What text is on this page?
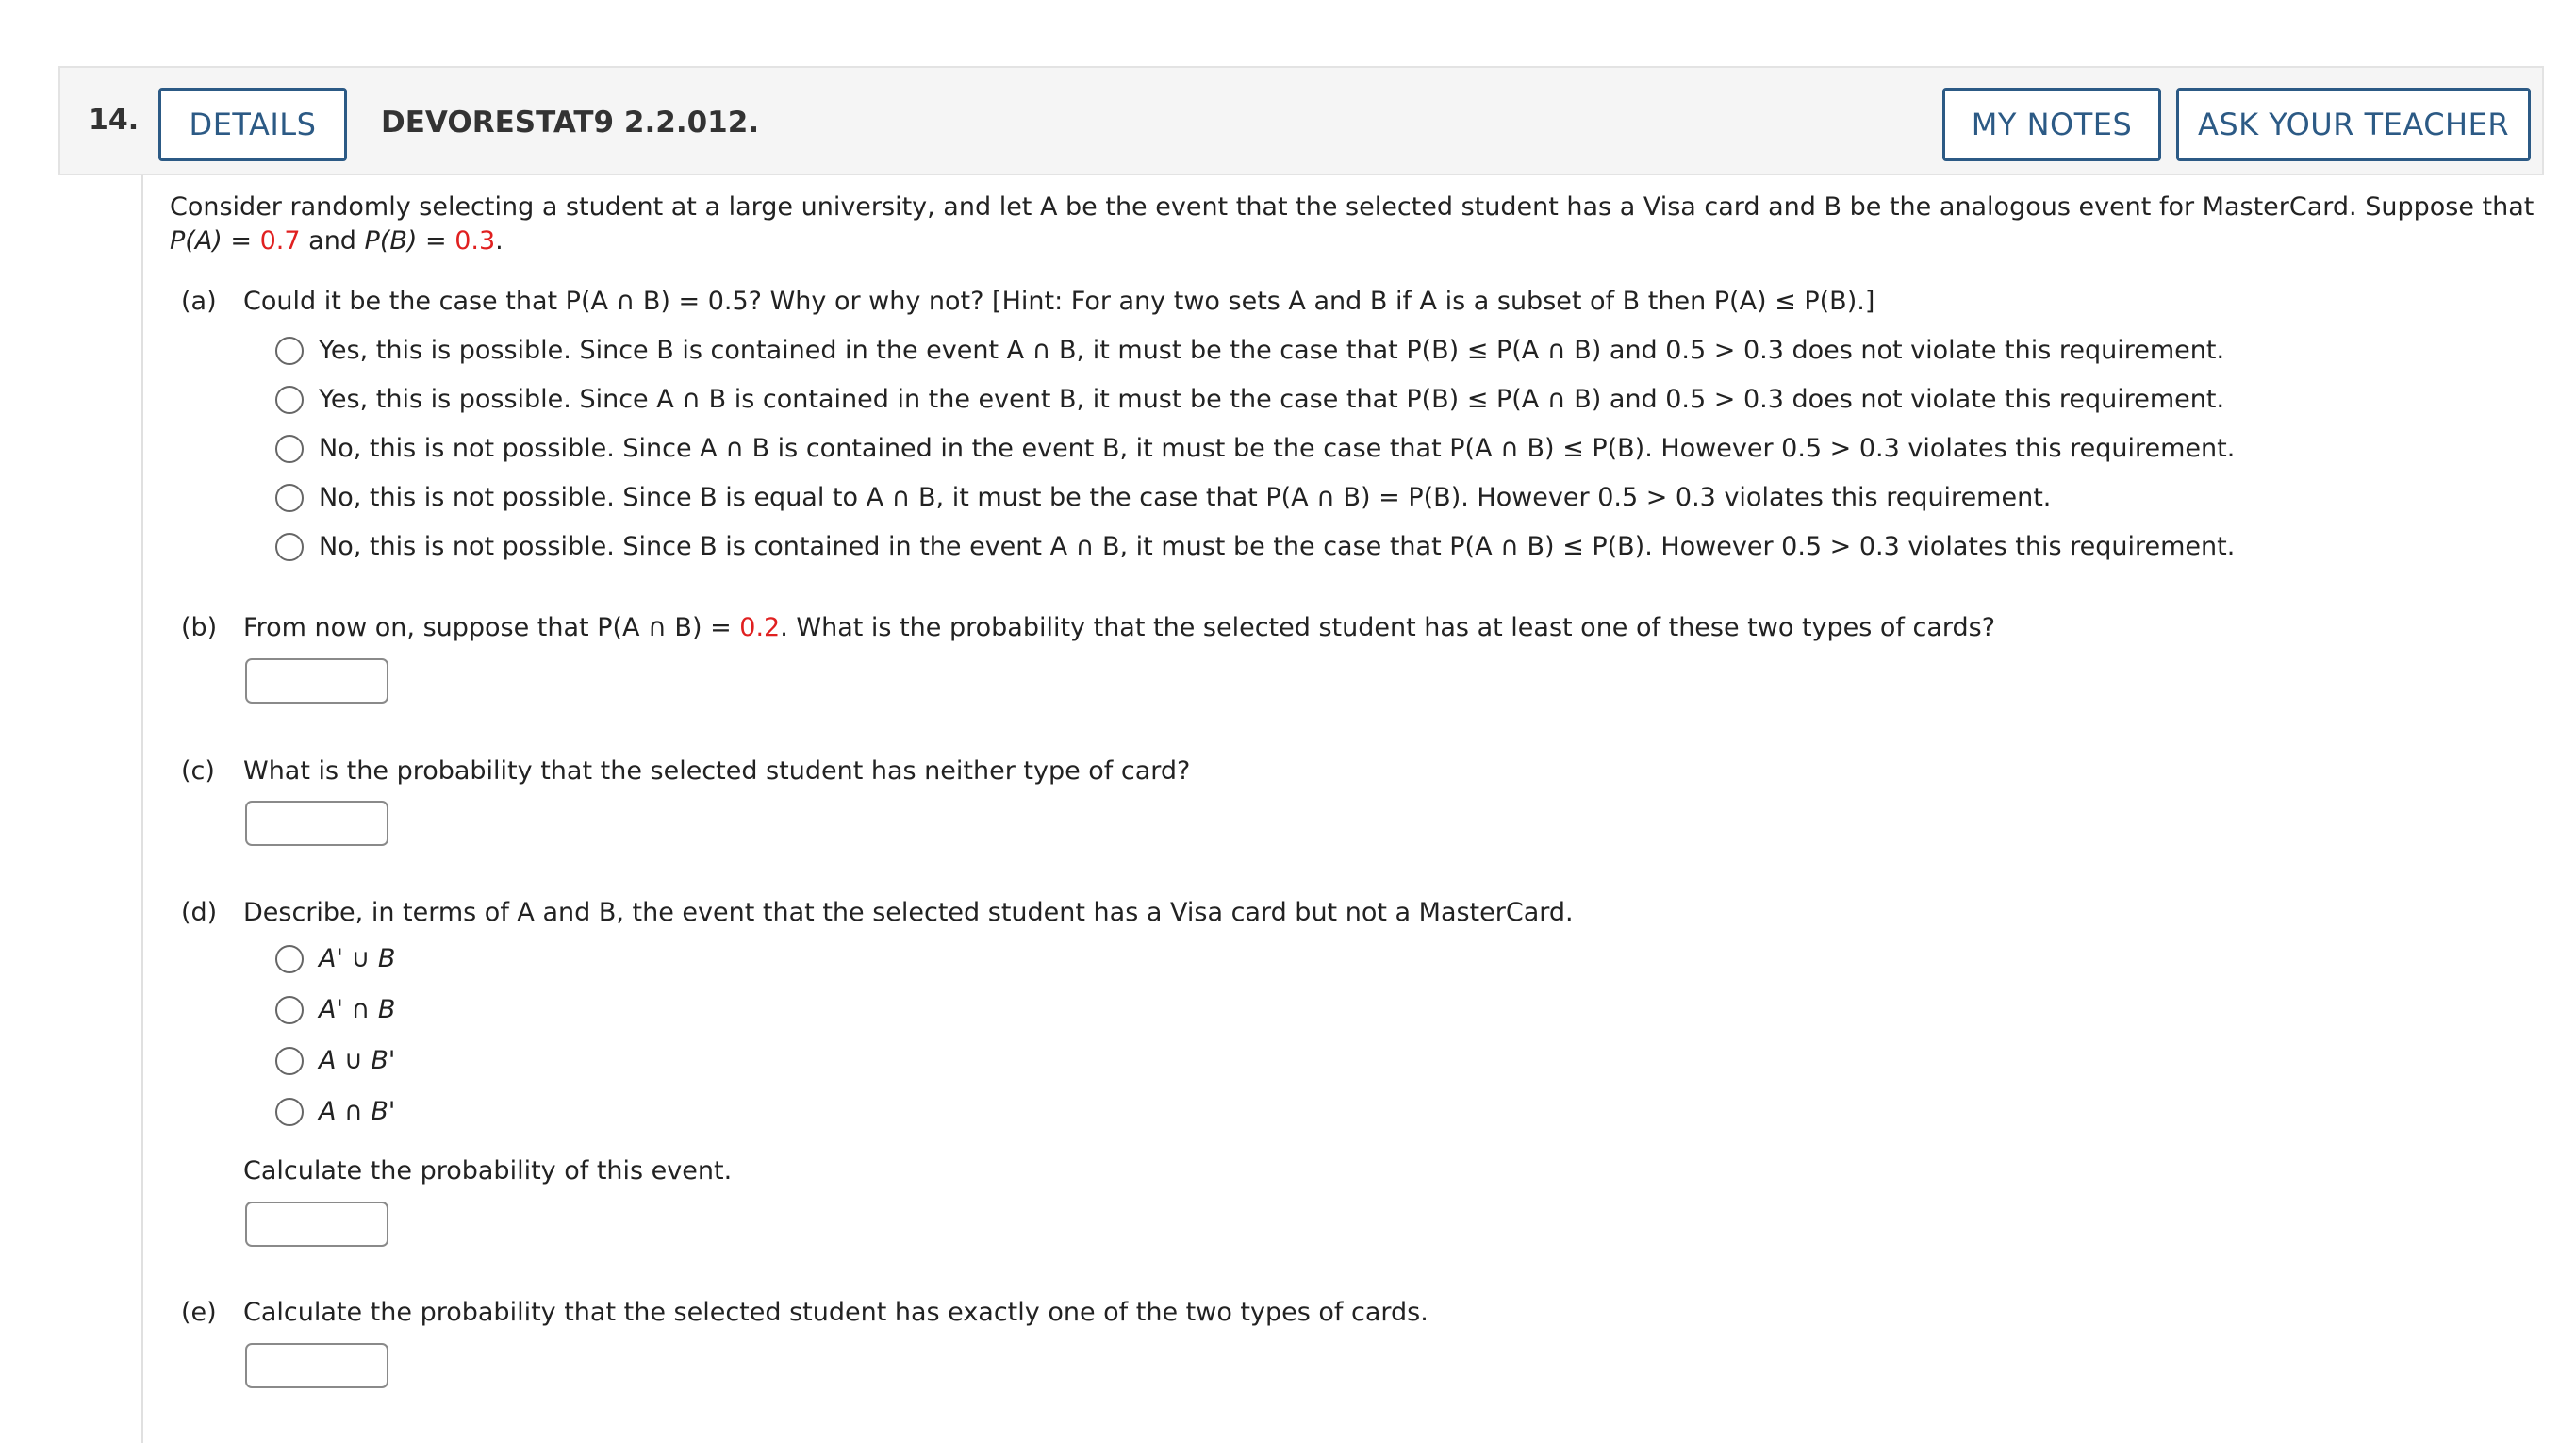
14.	DETAILS	DEVORESTAT9 2.2.012.	MY NOTES	ASK YOUR TEACHER
Consider randomly selecting a student at a large university, and let A be the event that the selected student has a Visa card and B be the analogous event for MasterCard. Suppose that
P(A) = 0.7 and P(B) = 0.3.
(a) Could it be the case that P(A ∩ B) = 0.5? Why or why not? [Hint: For any two sets A and B if A is a subset of B then P(A) ≤ P(B).]
Yes, this is possible. Since B is contained in the event A ∩ B, it must be the case that P(B) ≤ P(A ∩ B) and 0.5 > 0.3 does not violate this requirement.
Yes, this is possible. Since A ∩ B is contained in the event B, it must be the case that P(B) ≤ P(A ∩ B) and 0.5 > 0.3 does not violate this requirement.
No, this is not possible. Since A ∩ B is contained in the event B, it must be the case that P(A ∩ B) ≤ P(B). However 0.5 > 0.3 violates this requirement.
No, this is not possible. Since B is equal to A ∩ B, it must be the case that P(A ∩ B) = P(B). However 0.5 > 0.3 violates this requirement.
No, this is not possible. Since B is contained in the event A ∩ B, it must be the case that P(A ∩ B) ≤ P(B). However 0.5 > 0.3 violates this requirement.
(b) From now on, suppose that P(A ∩ B) = 0.2. What is the probability that the selected student has at least one of these two types of cards?
(c) What is the probability that the selected student has neither type of card?
(d) Describe, in terms of A and B, the event that the selected student has a Visa card but not a MasterCard.
A' ∪ B
A' ∩ B
A ∪ B'
A ∩ B'
Calculate the probability of this event.
(e) Calculate the probability that the selected student has exactly one of the two types of cards.
